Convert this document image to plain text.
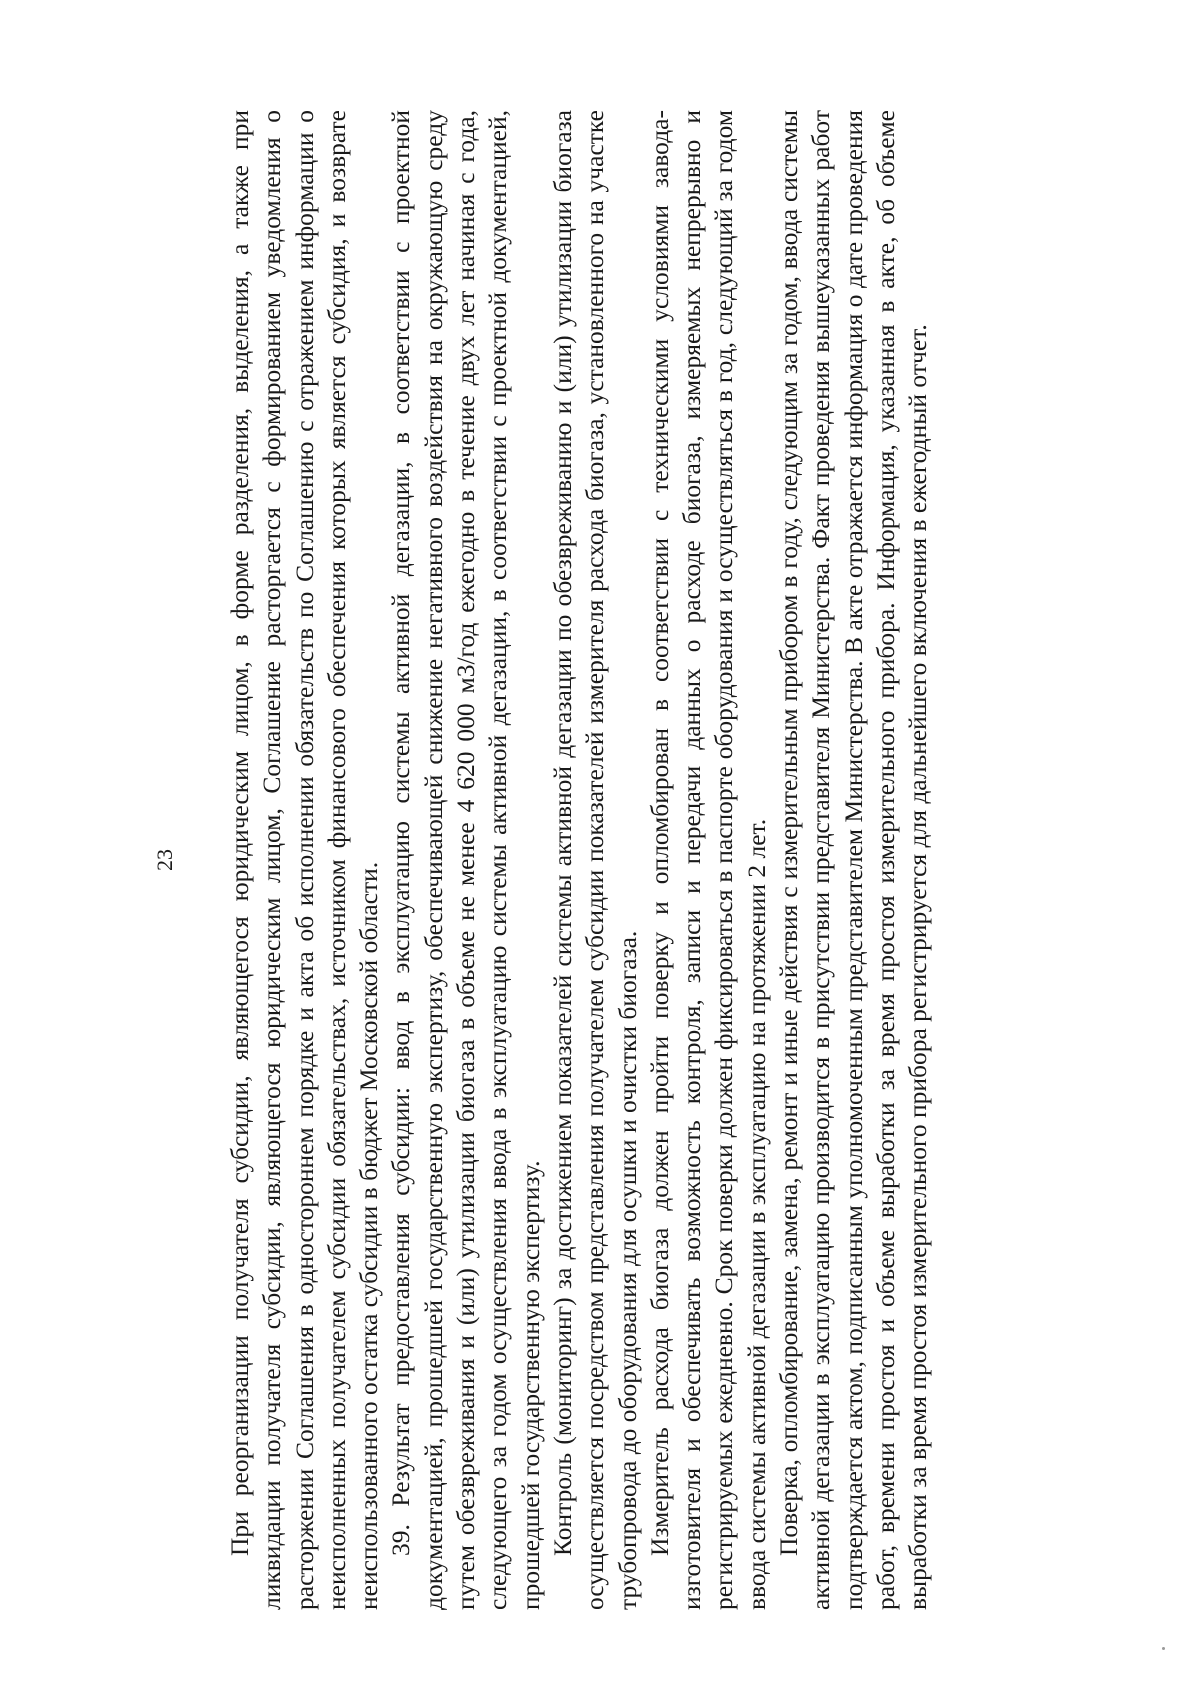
23 При реорганизации получателя субсидии, являющегося юридическим лицом, в форме разделения, выделения, а также при ликвидации получателя субсидии, являющегося юридическим лицом, Соглашение расторгается с формированием уведомления о расторжении Соглашения в одностороннем порядке и акта об исполнении обязательств по Соглашению с отражением информации о неисполненных получателем субсидии обязательствах, источником финансового обеспечения которых является субсидия, и возврате неиспользованного остатка субсидии в бюджет Московской области. 39. Результат предоставления субсидии: ввод в эксплуатацию системы активной дегазации, в соответствии с проектной документацией, прошедшей государственную экспертизу, обеспечивающей снижение негативного воздействия на окружающую среду путем обезвреживания и (или) утилизации биогаза в объеме не менее 4 620 000 м3/год ежегодно в течение двух лет начиная с года, следующего за годом осуществления ввода в эксплуатацию системы активной дегазации, в соответствии с проектной документацией, прошедшей государственную экспертизу. Контроль (мониторинг) за достижением показателей системы активной дегазации по обезвреживанию и (или) утилизации биогаза осуществляется посредством представления получателем субсидии показателей измерителя расхода биогаза, установленного на участке трубопровода до оборудования для осушки и очистки биогаза. Измеритель расхода биогаза должен пройти поверку и опломбирован в соответствии с техническими условиями завода-изготовителя и обеспечивать возможность контроля, записи и передачи данных о расходе биогаза, измеряемых непрерывно и регистрируемых ежедневно. Срок поверки должен фиксироваться в паспорте оборудования и осуществляться в год, следующий за годом ввода системы активной дегазации в эксплуатацию на протяжении 2 лет. Поверка, опломбирование, замена, ремонт и иные действия с измерительным прибором в году, следующим за годом, ввода системы активной дегазации в эксплуатацию производится в присутствии представителя Министерства. Факт проведения вышеуказанных работ подтверждается актом, подписанным уполномоченным представителем Министерства. В акте отражается информация о дате проведения работ, времени простоя и объеме выработки за время простоя измерительного прибора. Информация, указанная в акте, об объеме выработки за время простоя измерительного прибора регистрируется для дальнейшего включения в ежегодный отчет.
